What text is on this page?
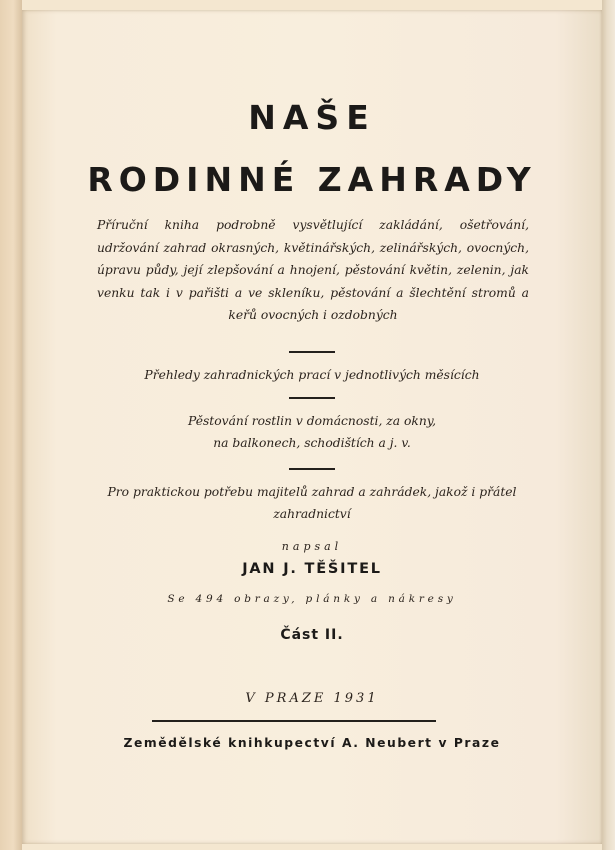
NAŠE
RODINNÉ ZAHRADY
Příruční kniha podrobně vysvětlující zakládání, ošetřování, udržování zahrad okrasných, květinářských, zelinářských, ovocných, úpravu půdy, její zlepšování a hnojení, pěstování květin, zelenin, jak venku tak i v pařišti a ve skleníku, pěstování a šlechtění stromů a keřů ovocných i ozdobných
Přehledy zahradnických prací v jednotlivých měsících
Pěstování rostlin v domácnosti, za okny,
na balkonech, schodištích a j. v.
Pro praktickou potřebu majitelů zahrad a zahrádek, jakož i přátel
zahradnictví
napsal
JAN J. TĚŠITEL
Se 494 obrazy, plánky a nákresy
Část II.
V PRAZE 1931
Zemědělské knihkupectví A. Neubert v Praze
